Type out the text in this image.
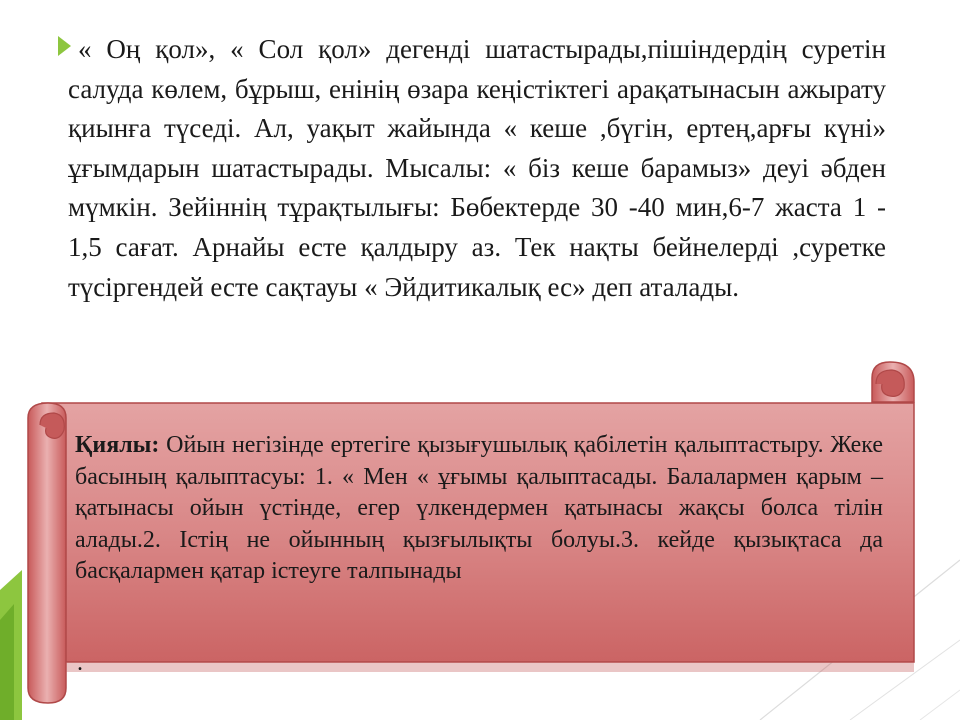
« Оң қол», « Сол қол» дегенді шатастырады,пішіндердің суретін салуда көлем, бұрыш, енінің өзара кеңістіктегі арақатынасын ажырату қиынға түседі. Ал, уақыт жайында « кеше ,бүгін, ертең,арғы күні» ұғымдарын шатастырады. Мысалы: « біз кеше барамыз» деуі әбден мүмкін. Зейіннің тұрақтылығы: Бөбектерде 30 -40 мин,6-7 жаста 1 - 1,5 сағат. Арнайы есте қалдыру аз. Тек нақты бейнелерді ,суретке түсіргендей есте сақтауы « Эйдитикалық ес» деп аталады.

Қиялы: Ойын негізінде ертегіге қызығушылық қабілетін қалыптастыру. Жеке басының қалыптасуы: 1. « Мен « ұғымы қалыптасады. Балалармен қарым –қатынасы ойын үстінде, егер үлкендермен қатынасы жақсы болса тілін алады.2. Істің не ойынның қызғылықты болуы.3. кейде қызықтаса да басқалармен қатар істеуге талпынады

.
